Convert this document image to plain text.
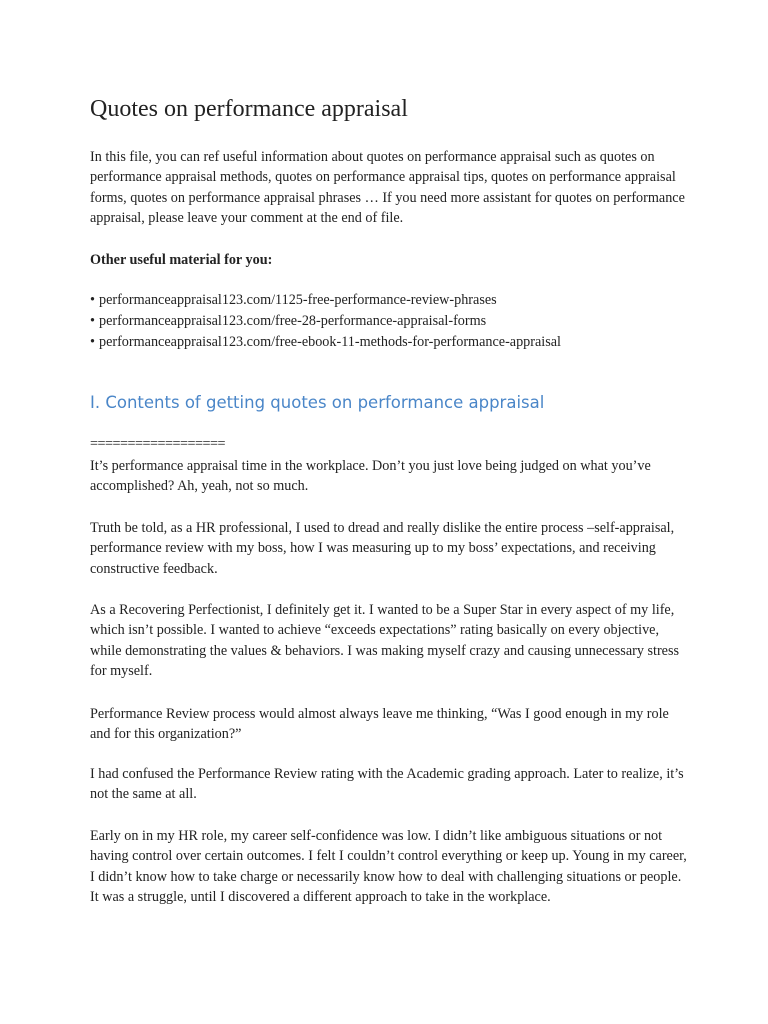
Quotes on performance appraisal

In this file, you can ref useful information about quotes on performance appraisal such as quotes on performance appraisal methods, quotes on performance appraisal tips, quotes on performance appraisal forms, quotes on performance appraisal phrases … If you need more assistant for quotes on performance appraisal, please leave your comment at the end of file.

Other useful material for you:

• performanceappraisal123.com/1125-free-performance-review-phrases
• performanceappraisal123.com/free-28-performance-appraisal-forms
• performanceappraisal123.com/free-ebook-11-methods-for-performance-appraisal
I. Contents of getting quotes on performance appraisal

==================

It’s performance appraisal time in the workplace. Don’t you just love being judged on what you’ve accomplished? Ah, yeah, not so much.

Truth be told, as a HR professional, I used to dread and really dislike the entire process –self-appraisal, performance review with my boss, how I was measuring up to my boss’ expectations, and receiving constructive feedback.

As a Recovering Perfectionist, I definitely get it. I wanted to be a Super Star in every aspect of my life, which isn’t possible. I wanted to achieve “exceeds expectations” rating basically on every objective, while demonstrating the values & behaviors. I was making myself crazy and causing unnecessary stress for myself.

Performance Review process would almost always leave me thinking, “Was I good enough in my role and for this organization?”

I had confused the Performance Review rating with the Academic grading approach. Later to realize, it’s not the same at all.

Early on in my HR role, my career self-confidence was low. I didn’t like ambiguous situations or not having control over certain outcomes. I felt I couldn’t control everything or keep up. Young in my career, I didn’t know how to take charge or necessarily know how to deal with challenging situations or people. It was a struggle, until I discovered a different approach to take in the workplace.
